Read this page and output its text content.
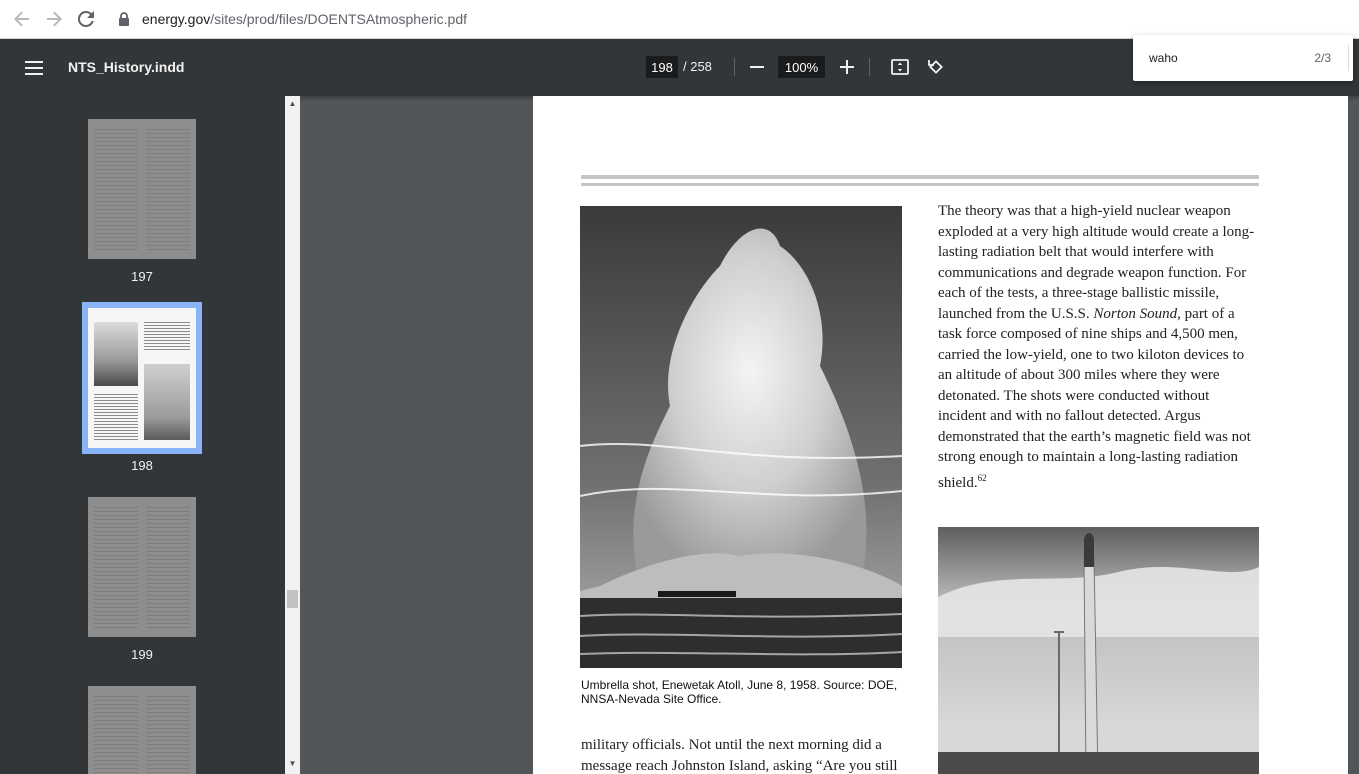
energy.gov/sites/prod/files/DOENTSAtmospheric.pdf
NTS_History.indd	198 / 258	100%
waho	2/3
197
198
199
▲
▼
Umbrella shot, Enewetak Atoll, June 8, 1958. Source: DOE, NNSA-Nevada Site Office.
The theory was that a high-yield nuclear weapon exploded at a very high altitude would create a long-lasting radiation belt that would interfere with communications and degrade weapon function. For each of the tests, a three-stage ballistic missile, launched from the U.S.S. Norton Sound, part of a task force composed of nine ships and 4,500 men, carried the low-yield, one to two kiloton devices to an altitude of about 300 miles where they were detonated. The shots were conducted without incident and with no fallout detected. Argus demonstrated that the earth’s magnetic field was not strong enough to maintain a long-lasting radiation shield.$^{62}$
military officials. Not until the next morning did a message reach Johnston Island, asking “Are you still
